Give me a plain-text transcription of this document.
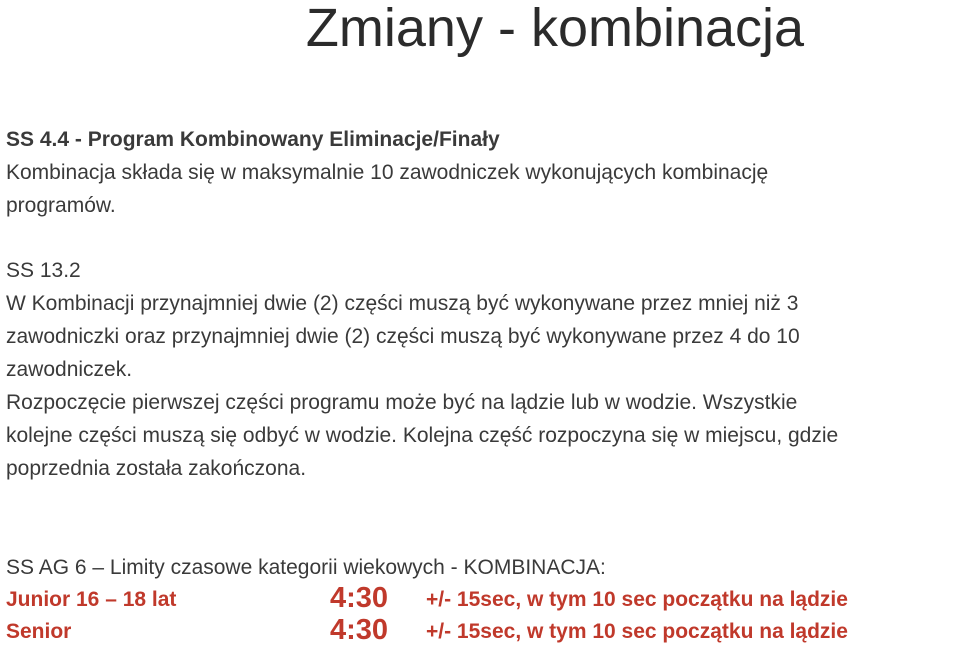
Zmiany - kombinacja
SS 4.4 - Program Kombinowany Eliminacje/Finały
Kombinacja składa się w maksymalnie 10 zawodniczek wykonujących kombinację
programów.
SS 13.2
W Kombinacji przynajmniej dwie (2) części muszą być wykonywane przez mniej niż 3
zawodniczki oraz przynajmniej dwie (2) części muszą być wykonywane przez 4 do 10
zawodniczek.
Rozpoczęcie pierwszej części programu może być na lądzie lub w wodzie. Wszystkie
kolejne części muszą się odbyć w wodzie. Kolejna część rozpoczyna się w miejscu, gdzie
poprzednia została zakończona.
SS AG 6 – Limity czasowe kategorii wiekowych - KOMBINACJA:
Junior 16 – 18 lat	4:30 +/- 15sec, w tym 10 sec początku na lądzie
Senior	4:30 +/- 15sec, w tym 10 sec początku na lądzie
